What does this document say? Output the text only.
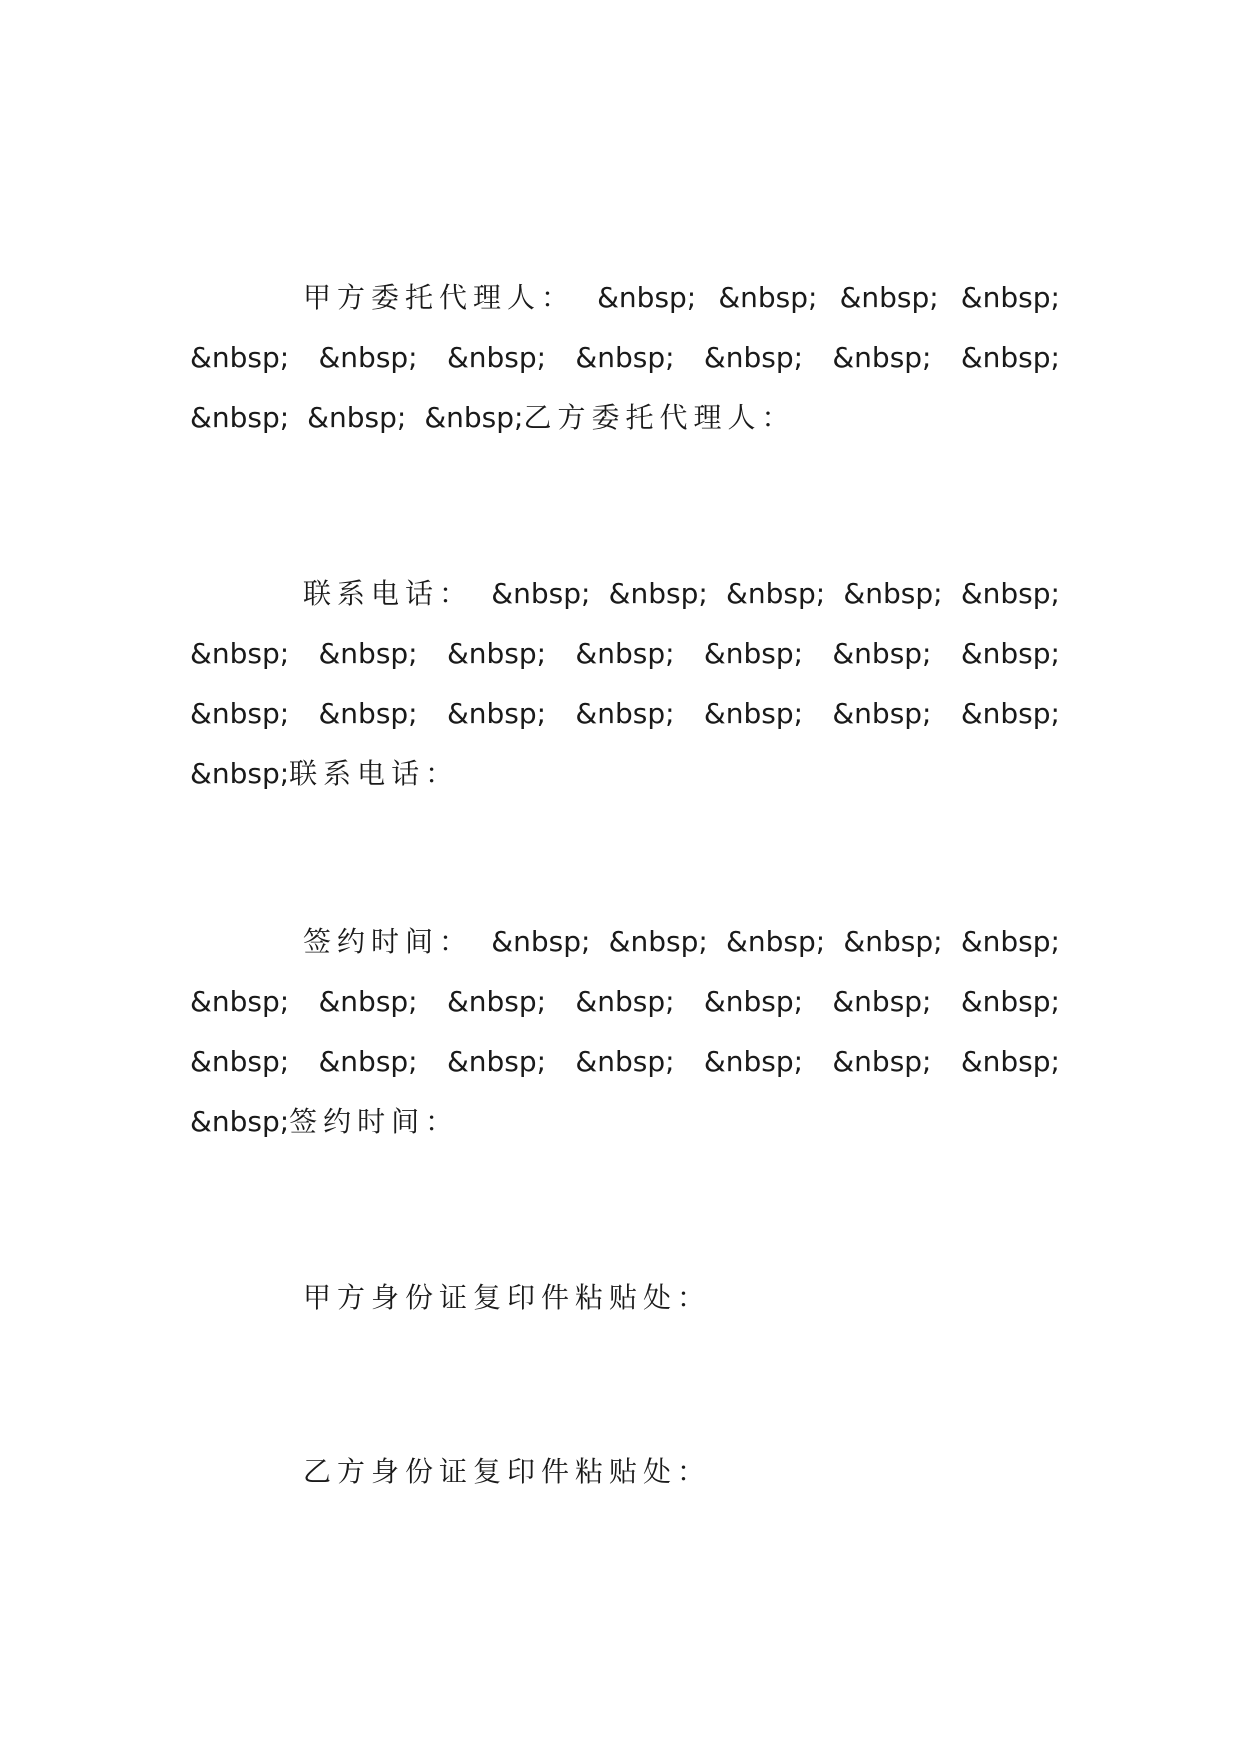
甲方委托代理人： &nbsp; &nbsp; &nbsp; &nbsp;
&nbsp; &nbsp; &nbsp; &nbsp; &nbsp; &nbsp; &nbsp;
&nbsp; &nbsp; &nbsp; 乙方委托代理人：
联系电话： &nbsp; &nbsp; &nbsp; &nbsp; &nbsp;
&nbsp; &nbsp; &nbsp; &nbsp; &nbsp; &nbsp; &nbsp;
&nbsp; &nbsp; &nbsp; &nbsp; &nbsp; &nbsp; &nbsp;
&nbsp; 联系电话：
签约时间： &nbsp; &nbsp; &nbsp; &nbsp; &nbsp;
&nbsp; &nbsp; &nbsp; &nbsp; &nbsp; &nbsp; &nbsp;
&nbsp; &nbsp; &nbsp; &nbsp; &nbsp; &nbsp; &nbsp;
&nbsp; 签约时间：
甲方身份证复印件粘贴处：
乙方身份证复印件粘贴处：
